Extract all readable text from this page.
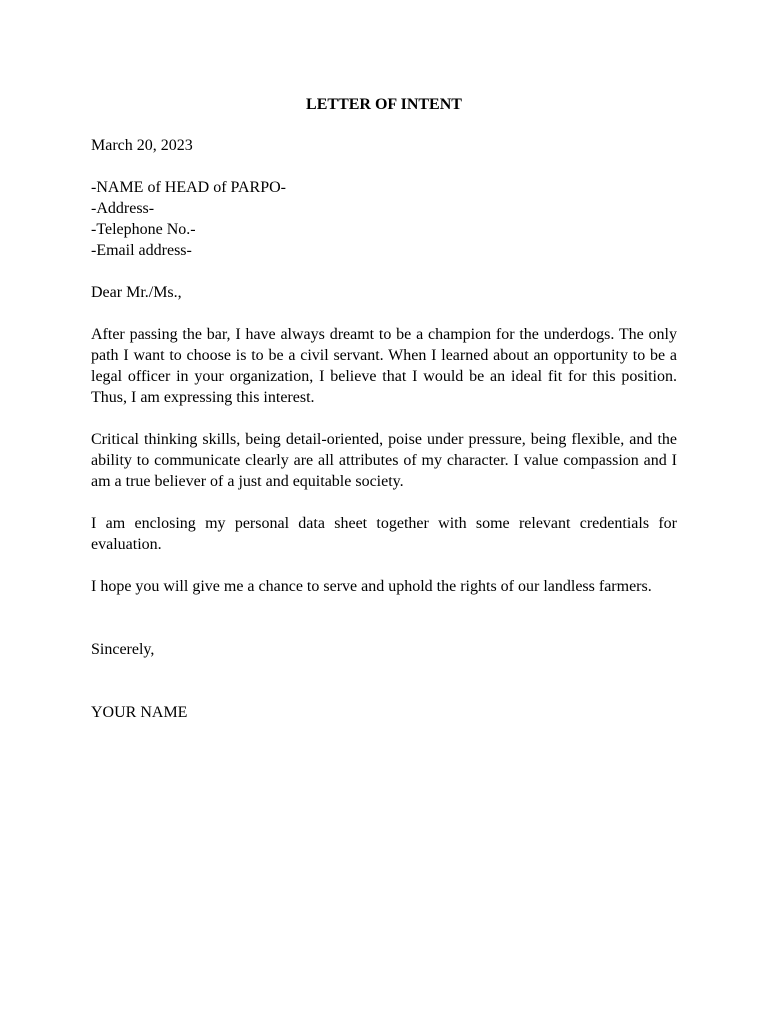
LETTER OF INTENT

March 20, 2023

-NAME of HEAD of PARPO-

-Address-

-Telephone No.-

-Email address-

Dear Mr./Ms.,

After passing the bar, I have always dreamt to be a champion for the underdogs. The only path I want to choose is to be a civil servant. When I learned about an opportunity to be a legal officer in your organization, I believe that I would be an ideal fit for this position. Thus, I am expressing this interest.

Critical thinking skills, being detail-oriented, poise under pressure, being flexible, and the ability to communicate clearly are all attributes of my character. I value compassion and I am a true believer of a just and equitable society.

I am enclosing my personal data sheet together with some relevant credentials for evaluation.

I hope you will give me a chance to serve and uphold the rights of our landless farmers.

Sincerely,

YOUR NAME
